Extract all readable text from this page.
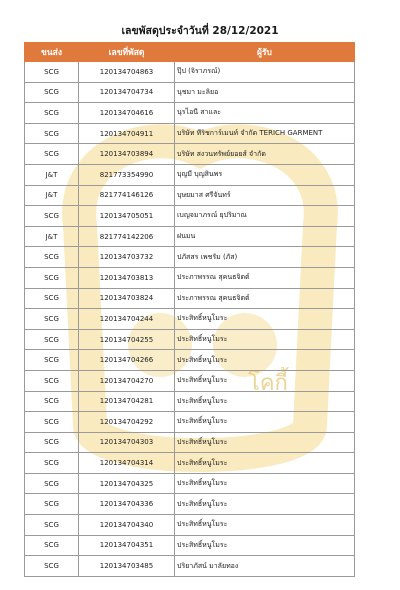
โคกี้
เลขพัสดุประจำวันที่ 28/12/2021
ขนส่ง	เลขที่พัสดุ	ผู้รับ
SCG	120134704863	ปุ๊ป (จิราภรณ์)
SCG	120134704734	นุชมา มะลิยอ
SCG	120134704616	นุรไอนี สาและ
SCG	120134704911	บริษัท ทีริชการ์เมนท์ จำกัด TERICH GARMENT
SCG	120134703894	บริษัท สงวนทรัพย์ยอยส์ จำกัด
J&T	821773354990	บุญมี บุญสินพร
J&T	821774146126	บุษยมาส ศรีจันทร์
SCG	120134705051	เบญจมาภรณ์ ยุปริมาณ
J&T	821774142206	ฝนมน
SCG	120134703732	ปภัสสร เพชรัม (ภัส)
SCG	120134703813	ประภาพรรณ สุคนธจิตต์
SCG	120134703824	ประภาพรรณ สุคนธจิตต์
SCG	120134704244	ประสิทธิ์หนูโมระ
SCG	120134704255	ประสิทธิ์หนูโมระ
SCG	120134704266	ประสิทธิ์หนูโมระ
SCG	120134704270	ประสิทธิ์หนูโมระ
SCG	120134704281	ประสิทธิ์หนูโมระ
SCG	120134704292	ประสิทธิ์หนูโมระ
SCG	120134704303	ประสิทธิ์หนูโมระ
SCG	120134704314	ประสิทธิ์หนูโมระ
SCG	120134704325	ประสิทธิ์หนูโมระ
SCG	120134704336	ประสิทธิ์หนูโมระ
SCG	120134704340	ประสิทธิ์หนูโมระ
SCG	120134704351	ประสิทธิ์หนูโมระ
SCG	120134703485	ปริยาภัสน์ มาลัยทอง
